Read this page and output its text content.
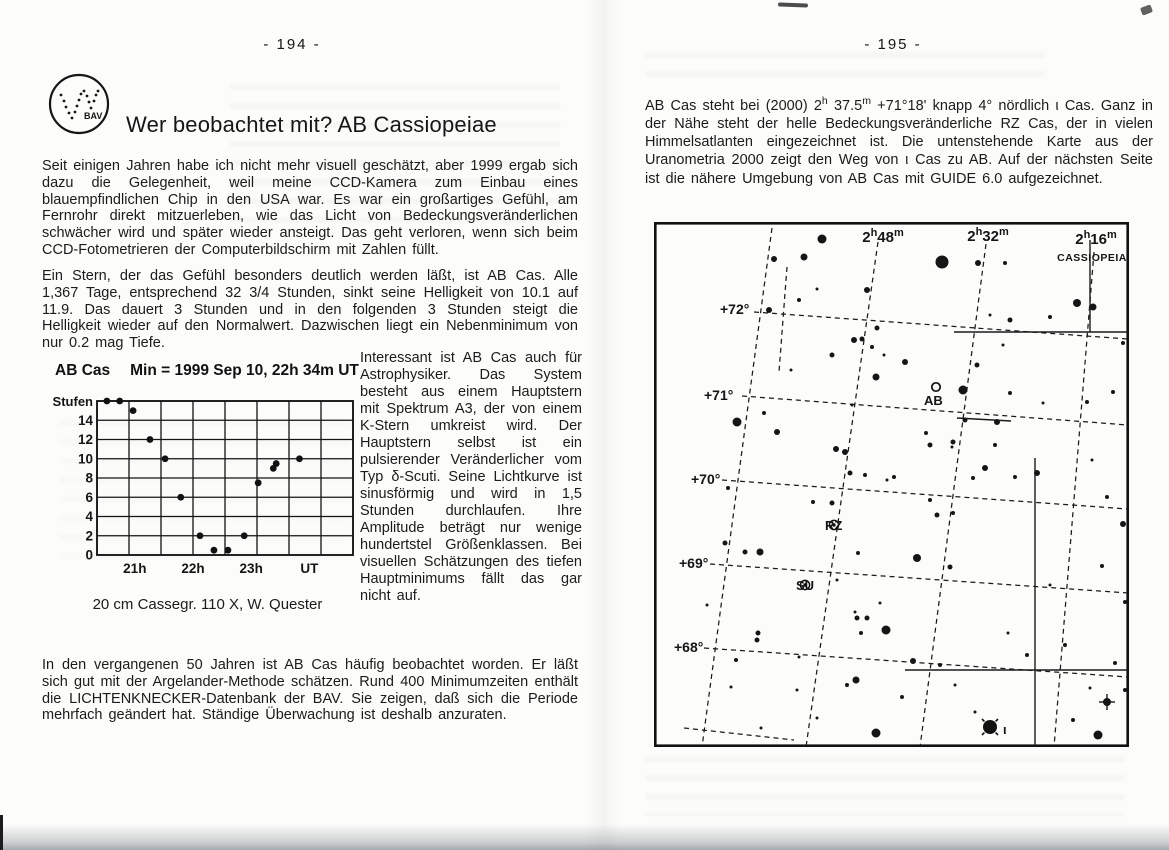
- 194 -
BAV Wer beobachtet mit? AB Cassiopeiae
Seit einigen Jahren habe ich nicht mehr visuell geschätzt, aber 1999 ergab sich dazu die Gelegenheit, weil meine CCD-Kamera zum Einbau eines blauempfindlichen Chip in den USA war. Es war ein großartiges Gefühl, am Fernrohr direkt mitzuerleben, wie das Licht von Bedeckungsveränderlichen schwächer wird und später wieder ansteigt. Das geht verloren, wenn sich beim CCD-Fotometrieren der Computerbildschirm mit Zahlen füllt.
Ein Stern, der das Gefühl besonders deutlich werden läßt, ist AB Cas. Alle 1,367 Tage, entsprechend 32 3/4 Stunden, sinkt seine Helligkeit von 10.1 auf 11.9. Das dauert 3 Stunden und in den folgenden 3 Stunden steigt die Helligkeit wieder auf den Normalwert. Dazwischen liegt ein Nebenminimum von nur 0.2 mag Tiefe.
AB Cas Min = 1999 Sep 10, 22h 34m UT
Stufen
14
12
10
8
6
4
2
0
21h	22h	23h	UT
20 cm Cassegr. 110 X, W. Quester
Interessant ist AB Cas auch für Astrophysiker. Das System besteht aus einem Hauptstern mit Spektrum A3, der von einem K-Stern umkreist wird. Der Hauptstern selbst ist ein pulsierender Veränderlicher vom Typ δ-Scuti. Seine Lichtkurve ist sinusförmig und wird in 1,5 Stunden durchlaufen. Ihre Amplitude beträgt nur wenige hundertstel Größenklassen. Bei visuellen Schätzungen des tiefen Hauptminimums fällt das gar nicht auf.
In den vergangenen 50 Jahren ist AB Cas häufig beobachtet worden. Er läßt sich gut mit der Argelander-Methode schätzen. Rund 400 Minimumzeiten enthält die LICHTENKNECKER-Datenbank der BAV. Sie zeigen, daß sich die Periode mehrfach geändert hat. Ständige Überwachung ist deshalb anzuraten.
- 195 -
AB Cas steht bei (2000) 2$^h$ $37.5^m +71^\circ 18'$ knapp 4° nördlich ι Cas. Ganz in der Nähe steht der helle Bedeckungsveränderliche RZ Cas, der in vielen Himmelsatlanten eingezeichnet ist. Die untenstehende Karte aus der Uranometria 2000 zeigt den Weg von ι Cas zu AB. Auf der nächsten Seite ist die nähere Umgebung von AB Cas mit GUIDE 6.0 aufgezeichnet.
2$^h$48$^m$	2$^h$32$^m$	2$^h$16$^m$
CASSIOPEIA
+72°
+71°
+70°
+69°
+68°
AB
RZ
SU
ι
